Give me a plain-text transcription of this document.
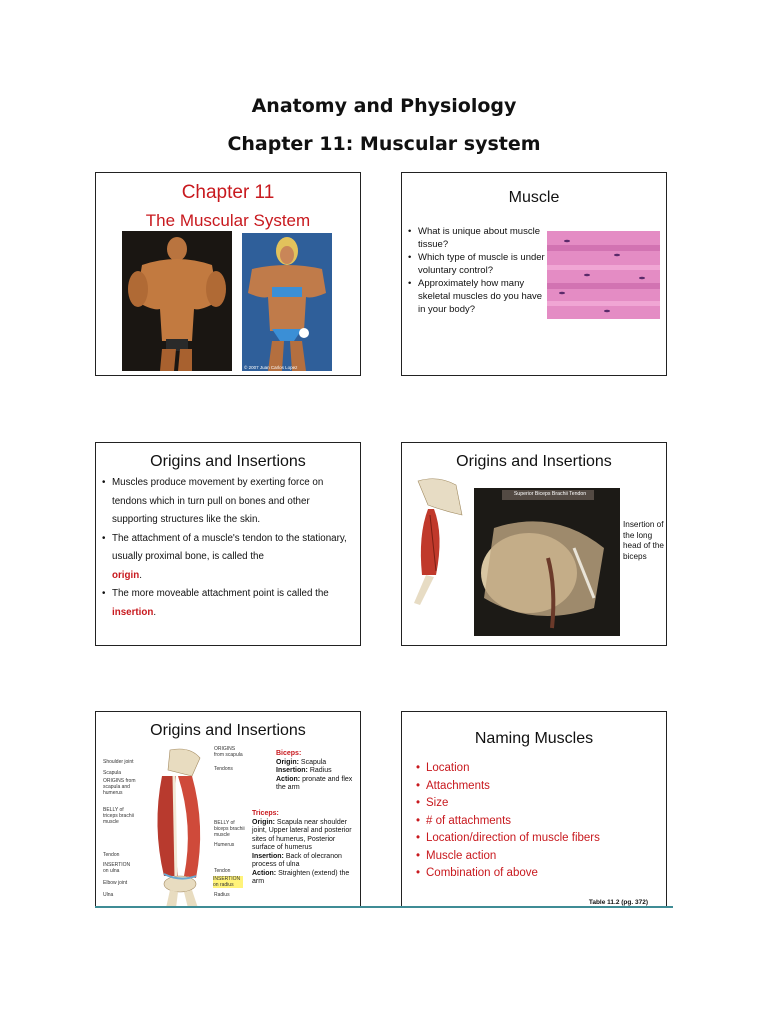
Anatomy and Physiology
Chapter 11: Muscular system
Chapter 11
The Muscular System
© 2007 Juan Carlos Lopez
Muscle
• What is unique about muscle tissue?
• Which type of muscle is under voluntary control?
• Approximately how many skeletal muscles do you have in your body?
Origins and Insertions
• Muscles produce movement by exerting force on tendons which in turn pull on bones and other supporting structures like the skin.
• The attachment of a muscle's tendon to the stationary, usually proximal bone, is called the
origin.
• The more moveable attachment point is called the
insertion.
Origins and Insertions
Superior Biceps Brachii Tendon
Insertion of the long head of the biceps
Origins and Insertions
Shoulder joint
Scapula
ORIGINS from scapula and humerus
BELLY of triceps brachii muscle
Tendon
INSERTION on ulna
Elbow joint
Ulna
ORIGINS from scapula
Tendons
BELLY of biceps brachii muscle
Humerus
Tendon
INSERTION on radius
Radius
Biceps:
Origin: Scapula
Insertion: Radius
Action: pronate and flex the arm
Triceps:
Origin: Scapula near shoulder joint, Upper lateral and posterior sites of humerus, Posterior surface of humerus
Insertion: Back of olecranon process of ulna
Action: Straighten (extend) the arm
Naming Muscles
• Location
• Attachments
• Size
• # of attachments
• Location/direction of muscle fibers
• Muscle action
• Combination of above
Table 11.2 (pg. 372)
